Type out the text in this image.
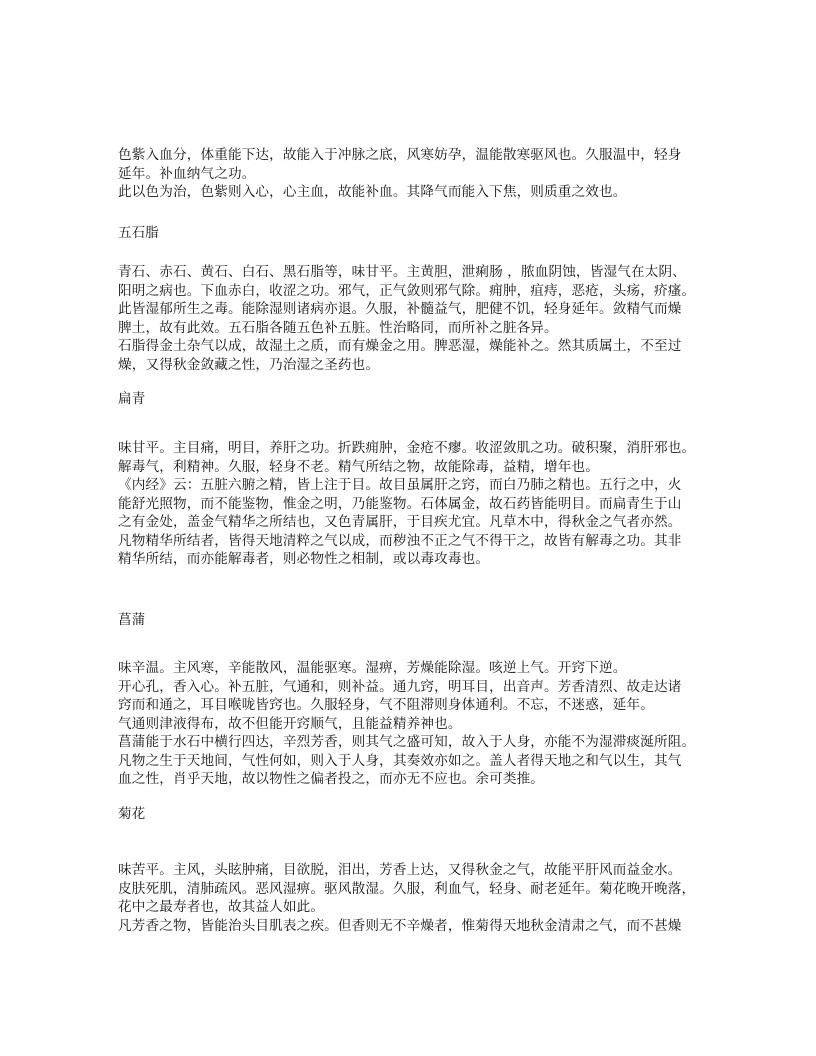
色紫入血分，体重能下达，故能入于冲脉之底，风寒妨孕，温能散寒驱风也。久服温中，轻身
延年。补血纳气之功。
此以色为治，色紫则入心，心主血，故能补血。其降气而能入下焦，则质重之效也。
五石脂
青石、赤石、黄石、白石、黑石脂等，味甘平。主黄胆，泄痢肠 ，脓血阴蚀，皆湿气在太阴、
阳明之病也。下血赤白，收涩之功。邪气，正气敛则邪气除。痈肿，疽痔，恶疮，头疡，疥瘙。
此皆湿郁所生之毒。能除湿则诸病亦退。久服，补髓益气，肥健不饥，轻身延年。敛精气而燥
脾土，故有此效。五石脂各随五色补五脏。性治略同，而所补之脏各异。
石脂得金土杂气以成，故湿土之质，而有燥金之用。脾恶湿，燥能补之。然其质属土，不至过
燥，又得秋金敛藏之性，乃治湿之圣药也。
扁青
味甘平。主目痛，明目，养肝之功。折跌痈肿，金疮不瘳。收涩敛肌之功。破积聚，消肝邪也。
解毒气，利精神。久服，轻身不老。精气所结之物，故能除毒，益精，增年也。
《内经》云：五脏六腑之精，皆上注于目。故目虽属肝之窍，而白乃肺之精也。五行之中，火
能舒光照物，而不能鉴物，惟金之明，乃能鉴物。石体属金，故石药皆能明目。而扁青生于山
之有金处，盖金气精华之所结也，又色青属肝，于目疾尤宜。凡草木中，得秋金之气者亦然。
凡物精华所结者，皆得天地清粹之气以成，而秽浊不正之气不得干之，故皆有解毒之功。其非
精华所结，而亦能解毒者，则必物性之相制，或以毒攻毒也。
菖蒲
味辛温。主风寒，辛能散风，温能驱寒。湿痹，芳燥能除湿。咳逆上气。开窍下逆。
开心孔，香入心。补五脏，气通和，则补益。通九窍，明耳目，出音声。芳香清烈、故走达诸
窍而和通之，耳目喉咙皆窍也。久服轻身，气不阻滞则身体通利。不忘，不迷惑，延年。
气通则津液得布，故不但能开窍顺气，且能益精养神也。
菖蒲能于水石中横行四达，辛烈芳香，则其气之盛可知，故入于人身，亦能不为湿滞痰涎所阻。
凡物之生于天地间，气性何如，则入于人身，其奏效亦如之。盖人者得天地之和气以生，其气
血之性，肖乎天地，故以物性之偏者投之，而亦无不应也。余可类推。
菊花
味苦平。主风，头眩肿痛，目欲脱，泪出，芳香上达，又得秋金之气，故能平肝风而益金水。
皮肤死肌，清肺疏风。恶风湿痹。驱风散湿。久服，利血气，轻身、耐老延年。菊花晚开晚落，
花中之最寿者也，故其益人如此。
凡芳香之物，皆能治头目肌表之疾。但香则无不辛燥者，惟菊得天地秋金清肃之气，而不甚燥
